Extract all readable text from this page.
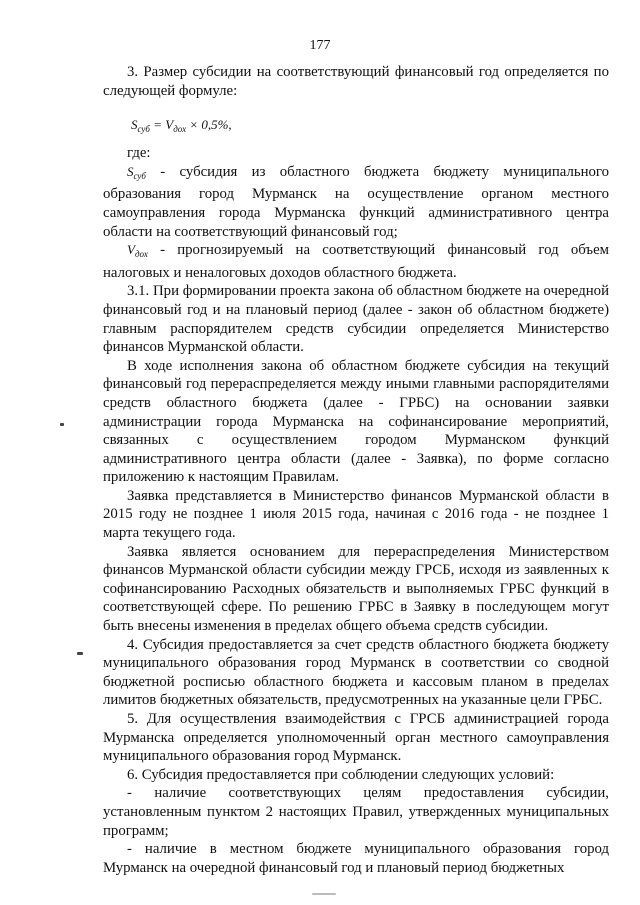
177

3. Размер субсидии на соответствующий финансовый год определяется по следующей формуле:

$S_{суб} = V_{дох} \times 0,5\%$,

где:

$S_{суб}$ - субсидия из областного бюджета бюджету муниципального образования город Мурманск на осуществление органом местного самоуправления города Мурманска функций административного центра области на соответствующий финансовый год;

$V_{дох}$ - прогнозируемый на соответствующий финансовый год объем налоговых и неналоговых доходов областного бюджета.

3.1. При формировании проекта закона об областном бюджете на очередной финансовый год и на плановый период (далее - закон об областном бюджете) главным распорядителем средств субсидии определяется Министерство финансов Мурманской области.

В ходе исполнения закона об областном бюджете субсидия на текущий финансовый год перераспределяется между иными главными распорядителями средств областного бюджета (далее - ГРБС) на основании заявки администрации города Мурманска на софинансирование мероприятий, связанных с осуществлением городом Мурманском функций административного центра области (далее - Заявка), по форме согласно приложению к настоящим Правилам.

Заявка представляется в Министерство финансов Мурманской области в 2015 году не позднее 1 июля 2015 года, начиная с 2016 года - не позднее 1 марта текущего года.

Заявка является основанием для перераспределения Министерством финансов Мурманской области субсидии между ГРСБ, исходя из заявленных к софинансированию Расходных обязательств и выполняемых ГРБС функций в соответствующей сфере. По решению ГРБС в Заявку в последующем могут быть внесены изменения в пределах общего объема средств субсидии.

4. Субсидия предоставляется за счет средств областного бюджета бюджету муниципального образования город Мурманск в соответствии со сводной бюджетной росписью областного бюджета и кассовым планом в пределах лимитов бюджетных обязательств, предусмотренных на указанные цели ГРБС.

5. Для осуществления взаимодействия с ГРСБ администрацией города Мурманска определяется уполномоченный орган местного самоуправления муниципального образования город Мурманск.

6. Субсидия предоставляется при соблюдении следующих условий:

- наличие соответствующих целям предоставления субсидии, установленным пунктом 2 настоящих Правил, утвержденных муниципальных программ;

- наличие в местном бюджете муниципального образования город Мурманск на очередной финансовый год и плановый период бюджетных
